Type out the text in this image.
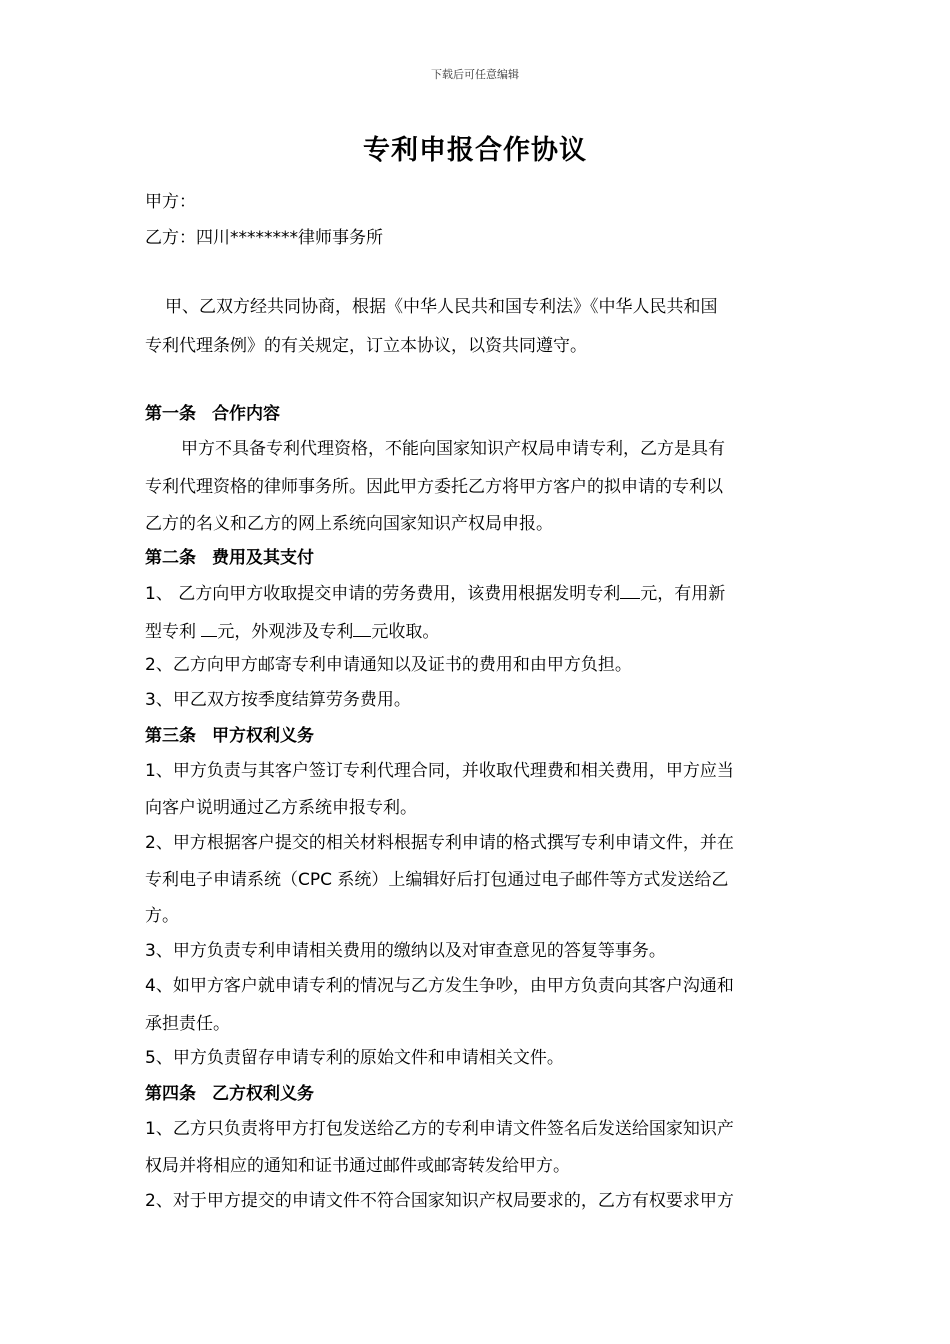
下载后可任意编辑
专利申报合作协议
甲方：
乙方：四川********律师事务所
甲、乙双方经共同协商，根据《中华人民共和国专利法》《中华人民共和国
专利代理条例》的有关规定，订立本协议，以资共同遵守。
第一条 合作内容
甲方不具备专利代理资格，不能向国家知识产权局申请专利，乙方是具有
专利代理资格的律师事务所。因此甲方委托乙方将甲方客户的拟申请的专利以
乙方的名义和乙方的网上系统向国家知识产权局申报。
第二条 费用及其支付
1、 乙方向甲方收取提交申请的劳务费用，该费用根据发明专利 元，有用新
型专利 元，外观涉及专利 元收取。
2、乙方向甲方邮寄专利申请通知以及证书的费用和由甲方负担。
3、甲乙双方按季度结算劳务费用。
第三条 甲方权利义务
1、甲方负责与其客户签订专利代理合同，并收取代理费和相关费用，甲方应当
向客户说明通过乙方系统申报专利。
2、甲方根据客户提交的相关材料根据专利申请的格式撰写专利申请文件，并在
专利电子申请系统（CPC 系统）上编辑好后打包通过电子邮件等方式发送给乙
方。
3、甲方负责专利申请相关费用的缴纳以及对审查意见的答复等事务。
4、如甲方客户就申请专利的情况与乙方发生争吵，由甲方负责向其客户沟通和
承担责任。
5、甲方负责留存申请专利的原始文件和申请相关文件。
第四条 乙方权利义务
1、乙方只负责将甲方打包发送给乙方的专利申请文件签名后发送给国家知识产
权局并将相应的通知和证书通过邮件或邮寄转发给甲方。
2、对于甲方提交的申请文件不符合国家知识产权局要求的，乙方有权要求甲方
